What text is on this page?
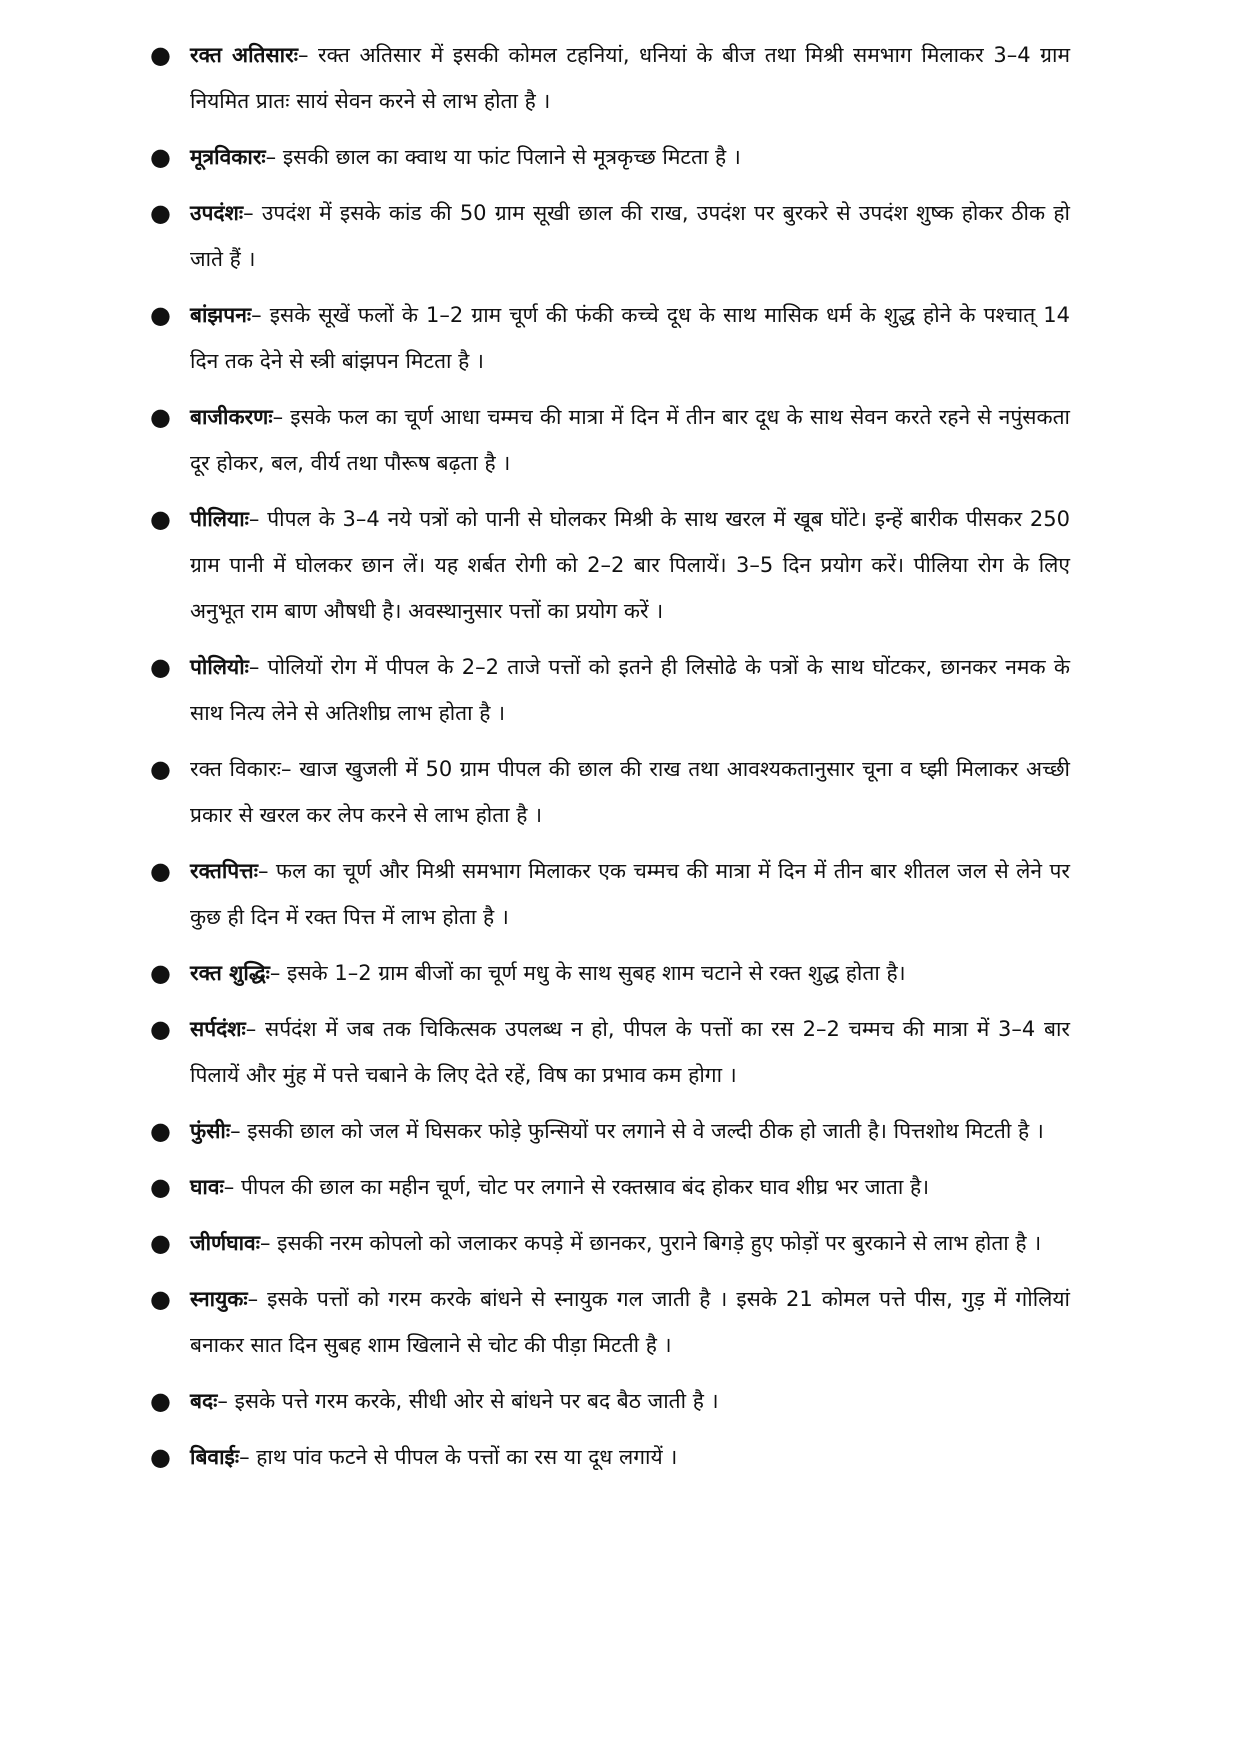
● रक्त अतिसारः– रक्त अतिसार में इसकी कोमल टहनियां, धनियां के बीज तथा मिश्री समभाग मिलाकर 3–4 ग्राम नियमित प्रातः सायं सेवन करने से लाभ होता है ।
● मूत्रविकारः– इसकी छाल का क्वाथ या फांट पिलाने से मूत्रकृच्छ मिटता है ।
● उपदंशः– उपदंश में इसके कांड की 50 ग्राम सूखी छाल की राख, उपदंश पर बुरकरे से उपदंश शुष्क होकर ठीक हो जाते हैं ।
● बांझपनः– इसके सूखें फलों के 1–2 ग्राम चूर्ण की फंकी कच्चे दूध के साथ मासिक धर्म के शुद्ध होने के पश्चात् 14 दिन तक देने से स्त्री बांझपन मिटता है ।
● बाजीकरणः– इसके फल का चूर्ण आधा चम्मच की मात्रा में दिन में तीन बार दूध के साथ सेवन करते रहने से नपुंसकता दूर होकर, बल, वीर्य तथा पौरूष बढ़ता है ।
● पीलियाः– पीपल के 3–4 नये पत्रों को पानी से घोलकर मिश्री के साथ खरल में खूब घोंटे। इन्हें बारीक पीसकर 250 ग्राम पानी में घोलकर छान लें। यह शर्बत रोगी को 2–2 बार पिलायें। 3–5 दिन प्रयोग करें। पीलिया रोग के लिए अनुभूत राम बाण औषधी है। अवस्थानुसार पत्तों का प्रयोग करें ।
● पोलियोः– पोलियों रोग में पीपल के 2–2 ताजे पत्तों को इतने ही लिसोढे के पत्रों के साथ घोंटकर, छानकर नमक के साथ नित्य लेने से अतिशीघ्र लाभ होता है ।
● रक्त विकारः– खाज खुजली में 50 ग्राम पीपल की छाल की राख तथा आवश्यकतानुसार चूना व घ्झी मिलाकर अच्छी प्रकार से खरल कर लेप करने से लाभ होता है ।
● रक्तपित्तः– फल का चूर्ण और मिश्री समभाग मिलाकर एक चम्मच की मात्रा में दिन में तीन बार शीतल जल से लेने पर कुछ ही दिन में रक्त पित्त में लाभ होता है ।
● रक्त शुद्धिः– इसके 1–2 ग्राम बीजों का चूर्ण मधु के साथ सुबह शाम चटाने से रक्त शुद्ध होता है।
● सर्पदंशः– सर्पदंश में जब तक चिकित्सक उपलब्ध न हो, पीपल के पत्तों का रस 2–2 चम्मच की मात्रा में 3–4 बार पिलायें और मुंह में पत्ते चबाने के लिए देते रहें, विष का प्रभाव कम होगा ।
● फुंसीः– इसकी छाल को जल में घिसकर फोड़े फुन्सियों पर लगाने से वे जल्दी ठीक हो जाती है। पित्तशोथ मिटती है ।
● घावः– पीपल की छाल का महीन चूर्ण, चोट पर लगाने से रक्तस्राव बंद होकर घाव शीघ्र भर जाता है।
● जीर्णघावः– इसकी नरम कोपलो को जलाकर कपड़े में छानकर, पुराने बिगड़े हुए फोड़ों पर बुरकाने से लाभ होता है ।
● स्नायुकः– इसके पत्तों को गरम करके बांधने से स्नायुक गल जाती है । इसके 21 कोमल पत्ते पीस, गुड़ में गोलियां बनाकर सात दिन सुबह शाम खिलाने से चोट की पीड़ा मिटती है ।
● बदः– इसके पत्ते गरम करके, सीधी ओर से बांधने पर बद बैठ जाती है ।
● बिवाईः– हाथ पांव फटने से पीपल के पत्तों का रस या दूध लगायें ।
